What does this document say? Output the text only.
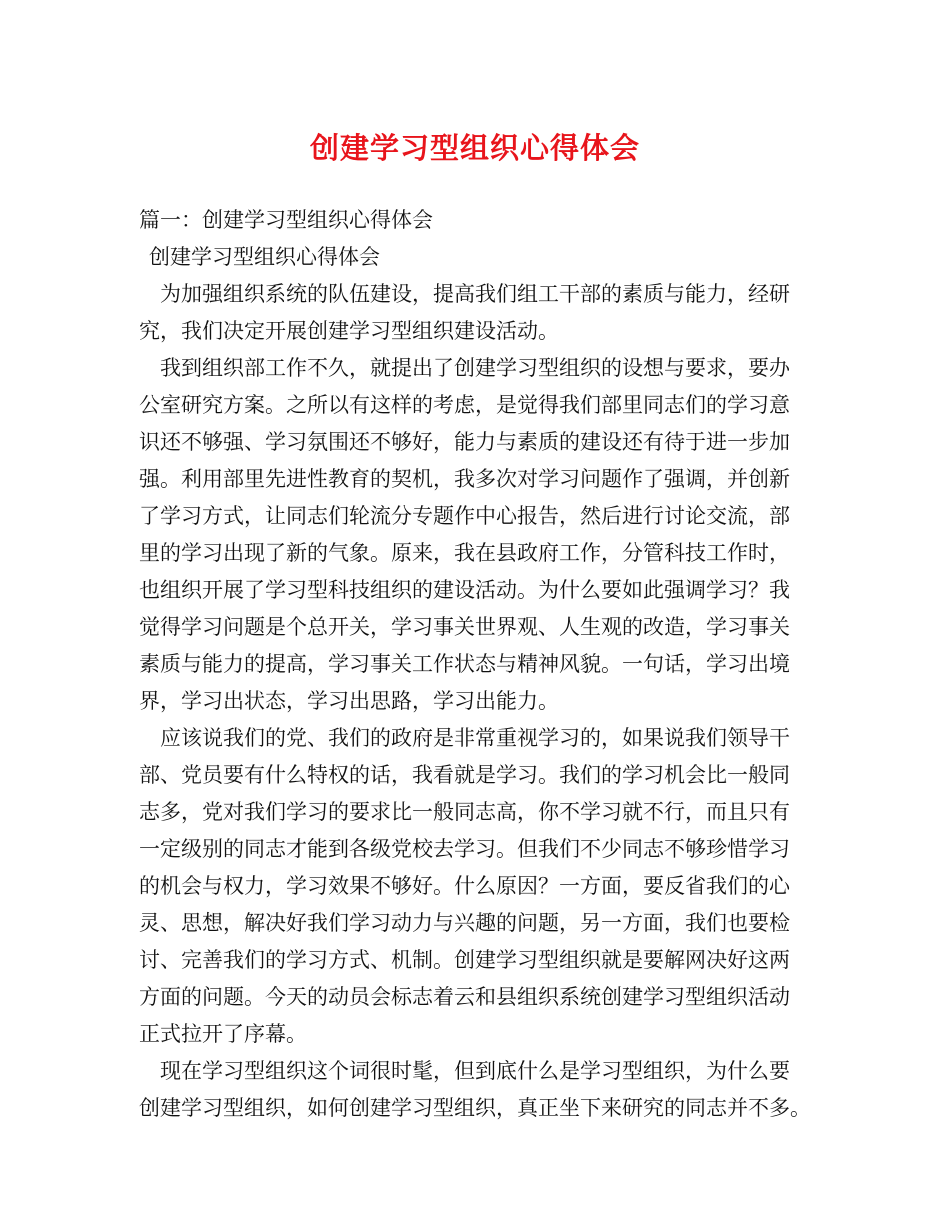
创建学习型组织心得体会
篇一：创建学习型组织心得体会
创建学习型组织心得体会
为加强组织系统的队伍建设，提高我们组工干部的素质与能力，经研
究，我们决定开展创建学习型组织建设活动。
我到组织部工作不久，就提出了创建学习型组织的设想与要求，要办
公室研究方案。之所以有这样的考虑，是觉得我们部里同志们的学习意
识还不够强、学习氛围还不够好，能力与素质的建设还有待于进一步加
强。利用部里先进性教育的契机，我多次对学习问题作了强调，并创新
了学习方式，让同志们轮流分专题作中心报告，然后进行讨论交流，部
里的学习出现了新的气象。原来，我在县政府工作，分管科技工作时，
也组织开展了学习型科技组织的建设活动。为什么要如此强调学习？我
觉得学习问题是个总开关，学习事关世界观、人生观的改造，学习事关
素质与能力的提高，学习事关工作状态与精神风貌。一句话，学习出境
界，学习出状态，学习出思路，学习出能力。
应该说我们的党、我们的政府是非常重视学习的，如果说我们领导干
部、党员要有什么特权的话，我看就是学习。我们的学习机会比一般同
志多，党对我们学习的要求比一般同志高，你不学习就不行，而且只有
一定级别的同志才能到各级党校去学习。但我们不少同志不够珍惜学习
的机会与权力，学习效果不够好。什么原因？一方面，要反省我们的心
灵、思想，解决好我们学习动力与兴趣的问题，另一方面，我们也要检
讨、完善我们的学习方式、机制。创建学习型组织就是要解网决好这两
方面的问题。今天的动员会标志着云和县组织系统创建学习型组织活动
正式拉开了序幕。
现在学习型组织这个词很时髦，但到底什么是学习型组织，为什么要
创建学习型组织，如何创建学习型组织，真正坐下来研究的同志并不多。
